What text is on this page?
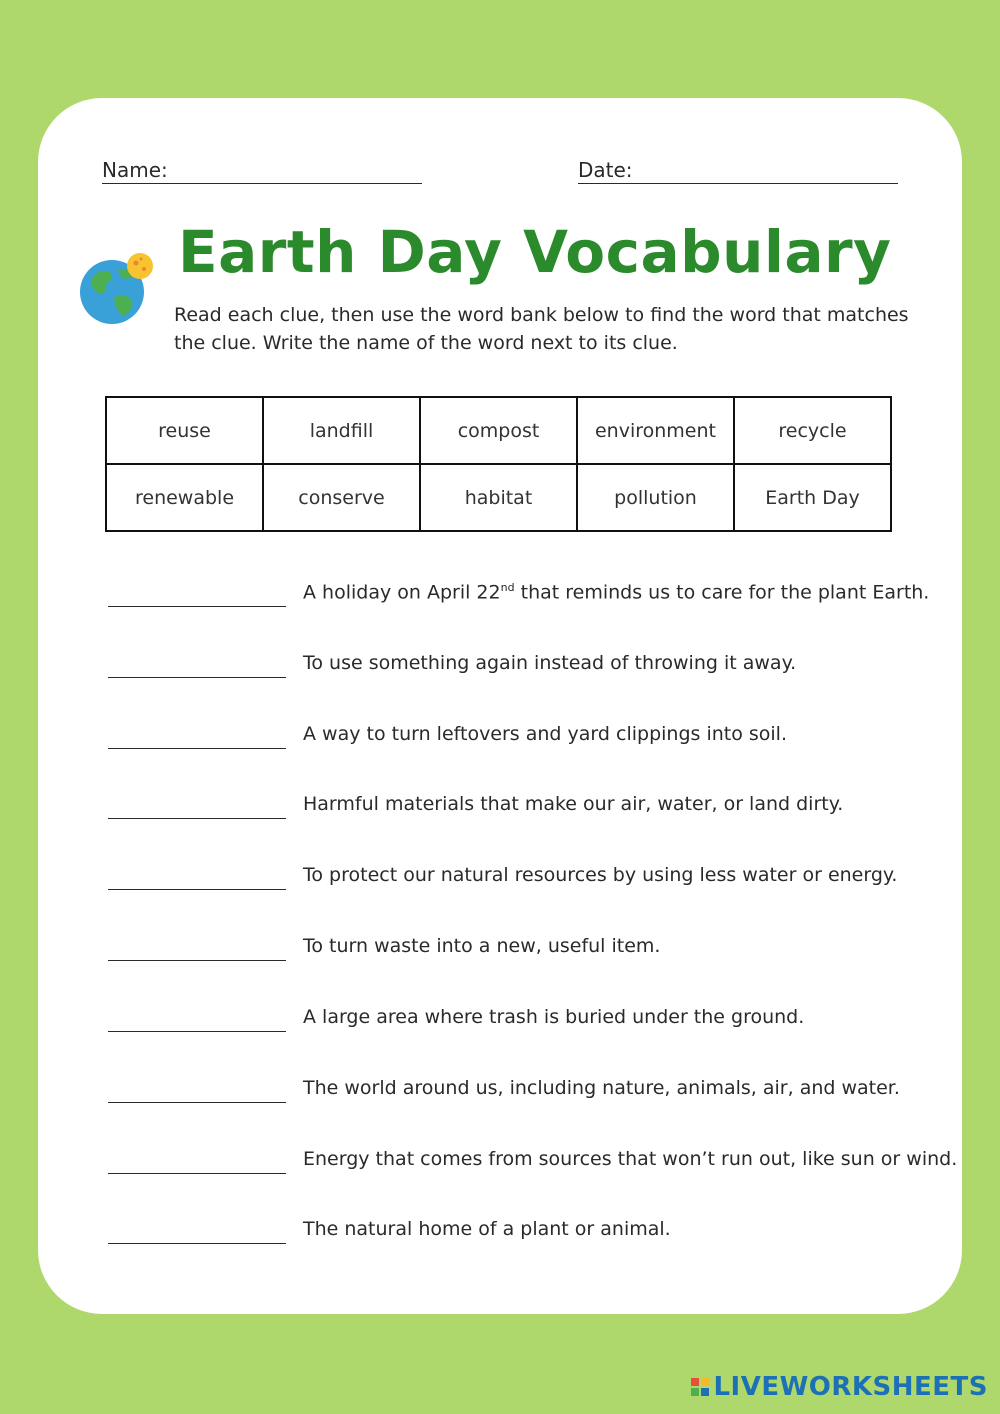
Name:	Date:
Earth Day Vocabulary
Read each clue, then use the word bank below to find the word that matches the clue. Write the name of the word next to its clue.
reuse	landfill	compost	environment	recycle
renewable	conserve	habitat	pollution	Earth Day
A holiday on April 22nd that reminds us to care for the plant Earth.
To use something again instead of throwing it away.
A way to turn leftovers and yard clippings into soil.
Harmful materials that make our air, water, or land dirty.
To protect our natural resources by using less water or energy.
To turn waste into a new, useful item.
A large area where trash is buried under the ground.
The world around us, including nature, animals, air, and water.
Energy that comes from sources that won’t run out, like sun or wind.
The natural home of a plant or animal.
LIVEWORKSHEETS
